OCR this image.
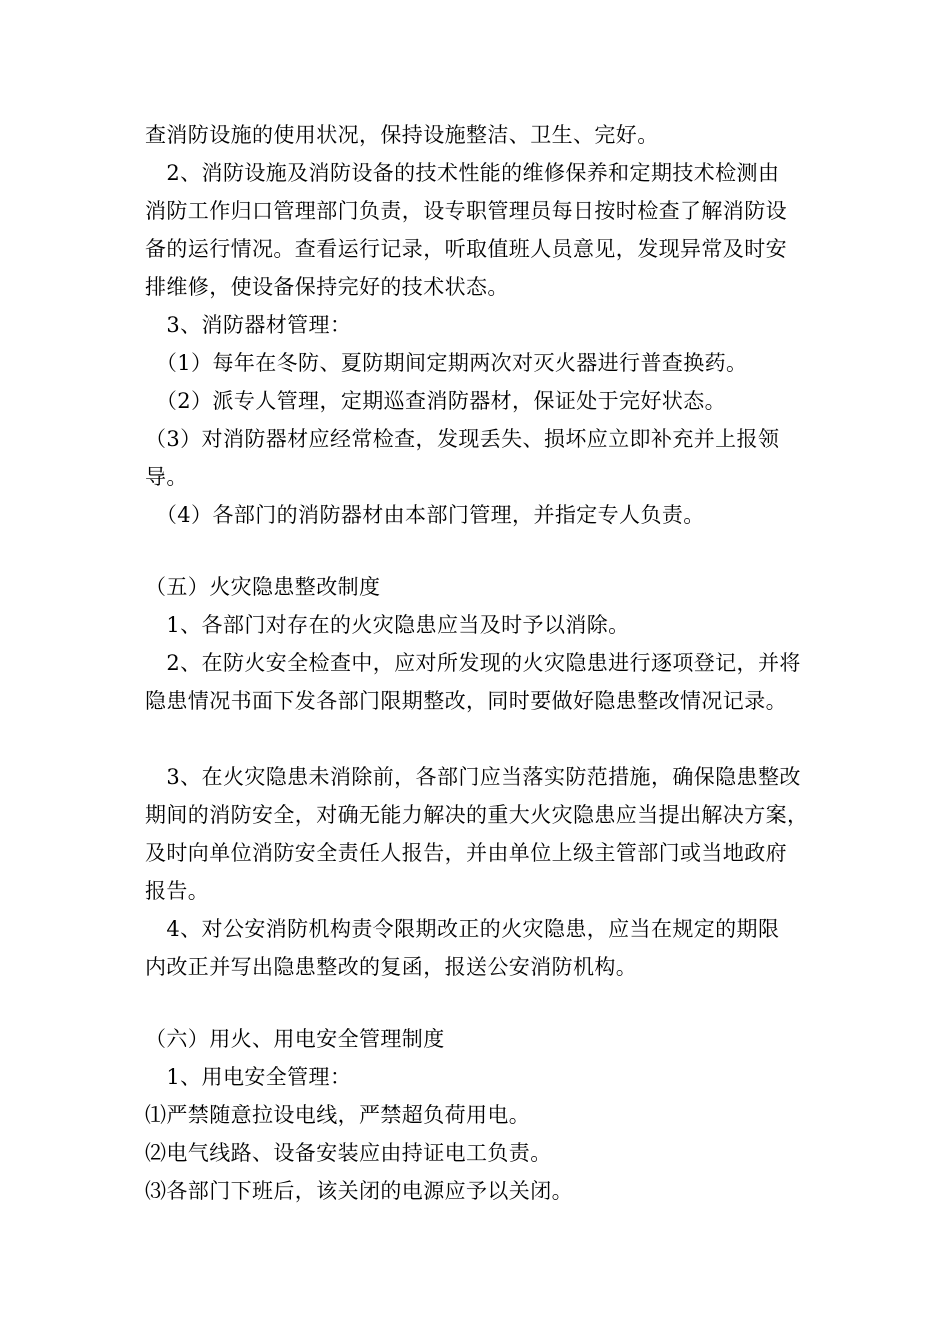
查消防设施的使用状况，保持设施整洁、卫生、完好。
　2、消防设施及消防设备的技术性能的维修保养和定期技术检测由
消防工作归口管理部门负责，设专职管理员每日按时检查了解消防设
备的运行情况。查看运行记录，听取值班人员意见，发现异常及时安
排维修，使设备保持完好的技术状态。
　3、消防器材管理：
　（1）每年在冬防、夏防期间定期两次对灭火器进行普查换药。
　（2）派专人管理，定期巡查消防器材，保证处于完好状态。
（3）对消防器材应经常检查，发现丢失、损坏应立即补充并上报领
导。
　（4）各部门的消防器材由本部门管理，并指定专人负责。
（五）火灾隐患整改制度
　1、各部门对存在的火灾隐患应当及时予以消除。
　2、在防火安全检查中，应对所发现的火灾隐患进行逐项登记，并将
隐患情况书面下发各部门限期整改，同时要做好隐患整改情况记录。
　3、在火灾隐患未消除前，各部门应当落实防范措施，确保隐患整改
期间的消防安全，对确无能力解决的重大火灾隐患应当提出解决方案，
及时向单位消防安全责任人报告，并由单位上级主管部门或当地政府
报告。
　4、对公安消防机构责令限期改正的火灾隐患，应当在规定的期限
内改正并写出隐患整改的复函，报送公安消防机构。
（六）用火、用电安全管理制度
　1、用电安全管理：
⑴严禁随意拉设电线，严禁超负荷用电。
⑵电气线路、设备安装应由持证电工负责。
⑶各部门下班后，该关闭的电源应予以关闭。
